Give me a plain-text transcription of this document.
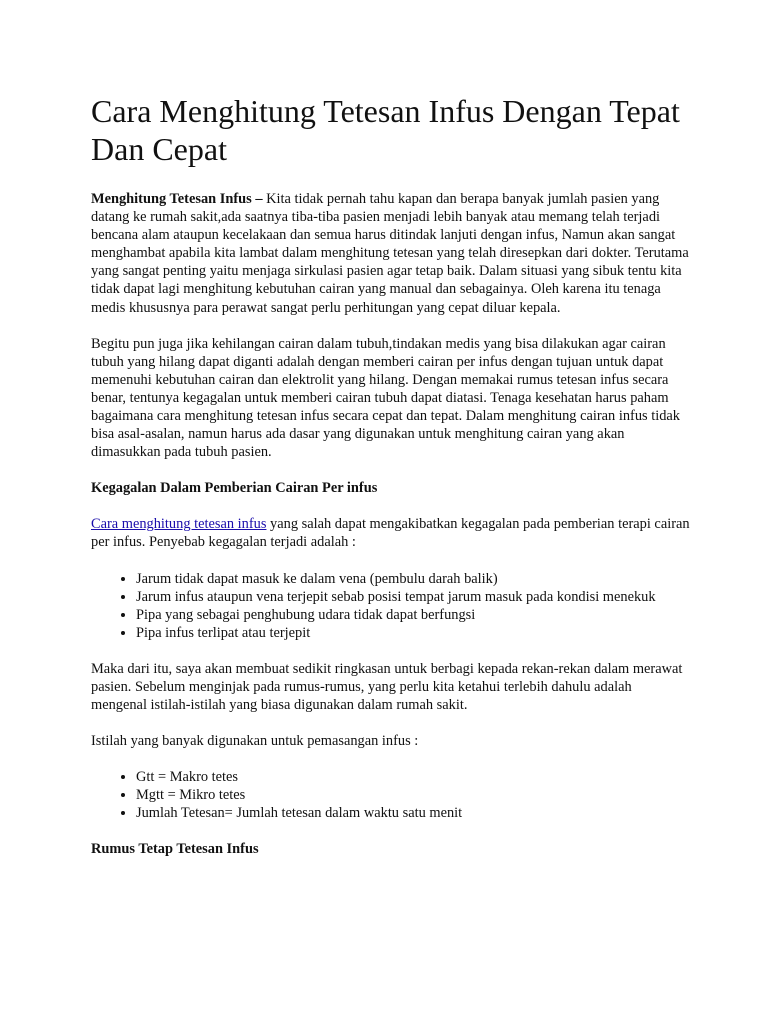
Cara Menghitung Tetesan Infus Dengan Tepat Dan Cepat

Menghitung Tetesan Infus – Kita tidak pernah tahu kapan dan berapa banyak jumlah pasien yang datang ke rumah sakit,ada saatnya tiba-tiba pasien menjadi lebih banyak atau memang telah terjadi bencana alam ataupun kecelakaan dan semua harus ditindak lanjuti dengan infus, Namun akan sangat menghambat apabila kita lambat dalam menghitung tetesan yang telah diresepkan dari dokter. Terutama yang sangat penting yaitu menjaga sirkulasi pasien agar tetap baik. Dalam situasi yang sibuk tentu kita tidak dapat lagi menghitung kebutuhan cairan yang manual dan sebagainya. Oleh karena itu tenaga medis khususnya para perawat sangat perlu perhitungan yang cepat diluar kepala.

Begitu pun juga jika kehilangan cairan dalam tubuh,tindakan medis yang bisa dilakukan agar cairan tubuh yang hilang dapat diganti adalah dengan memberi cairan per infus dengan tujuan untuk dapat memenuhi kebutuhan cairan dan elektrolit yang hilang. Dengan memakai rumus tetesan infus secara benar, tentunya kegagalan untuk memberi cairan tubuh dapat diatasi. Tenaga kesehatan harus paham bagaimana cara menghitung tetesan infus secara cepat dan tepat. Dalam menghitung cairan infus tidak bisa asal-asalan, namun harus ada dasar yang digunakan untuk menghitung cairan yang akan dimasukkan pada tubuh pasien.

Kegagalan Dalam Pemberian Cairan Per infus

Cara menghitung tetesan infus yang salah dapat mengakibatkan kegagalan pada pemberian terapi cairan per infus. Penyebab kegagalan terjadi adalah :

• Jarum tidak dapat masuk ke dalam vena (pembulu darah balik)
• Jarum infus ataupun vena terjepit sebab posisi tempat jarum masuk pada kondisi menekuk
• Pipa yang sebagai penghubung udara tidak dapat berfungsi
• Pipa infus terlipat atau terjepit

Maka dari itu, saya akan membuat sedikit ringkasan untuk berbagi kepada rekan-rekan dalam merawat pasien. Sebelum menginjak pada rumus-rumus, yang perlu kita ketahui terlebih dahulu adalah mengenal istilah-istilah yang biasa digunakan dalam rumah sakit.

Istilah yang banyak digunakan untuk pemasangan infus :

• Gtt = Makro tetes
• Mgtt = Mikro tetes
• Jumlah Tetesan= Jumlah tetesan dalam waktu satu menit
Rumus Tetap Tetesan Infus
